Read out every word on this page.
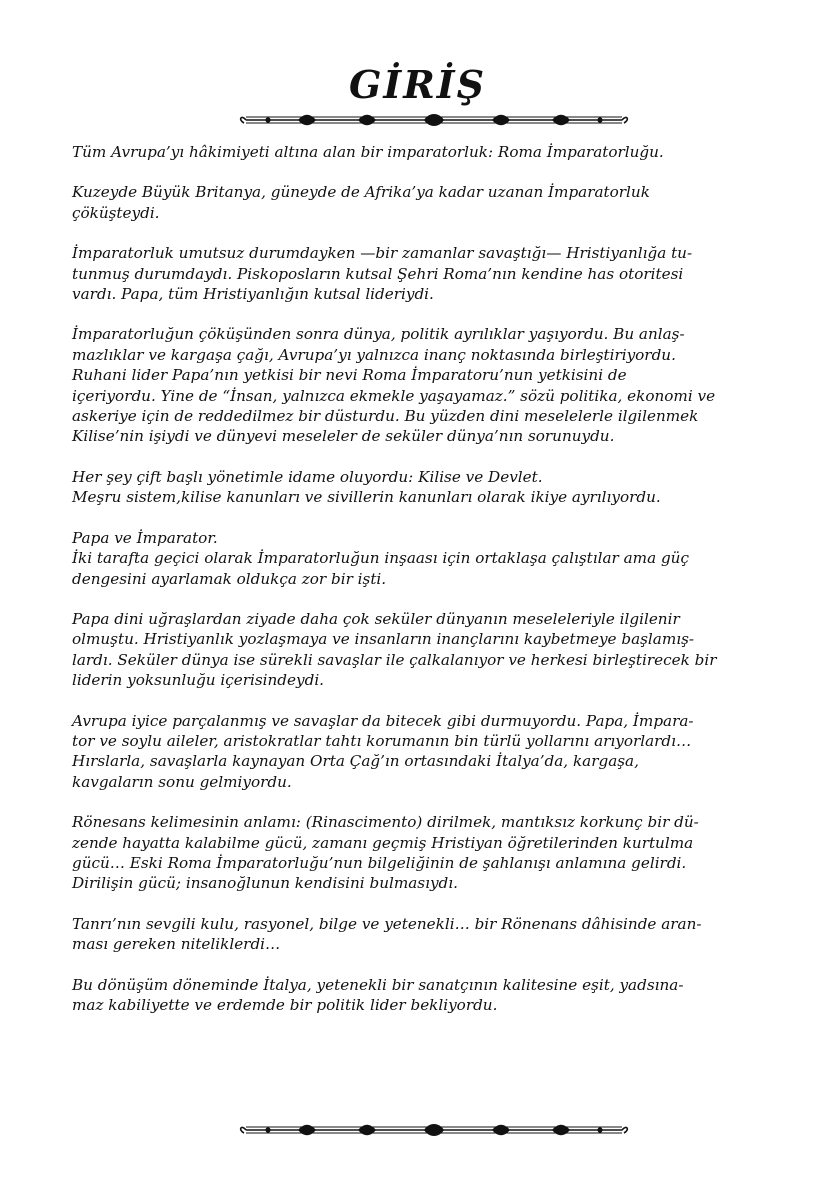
GİRİŞ

Tüm Avrupa’yı hâkimiyeti altına alan bir imparatorluk: Roma İmparatorluğu.

Kuzeyde Büyük Britanya, güneyde de Afrika’ya kadar uzanan İmparatorluk
çöküşteydi.

İmparatorluk umutsuz durumdayken —bir zamanlar savaştığı— Hristiyanlığa tu-
tunmuş durumdaydı. Piskoposların kutsal Şehri Roma’nın kendine has otoritesi
vardı. Papa, tüm Hristiyanlığın kutsal lideriydi.

İmparatorluğun çöküşünden sonra dünya, politik ayrılıklar yaşıyordu. Bu anlaş-
mazlıklar ve kargaşa çağı, Avrupa’yı yalnızca inanç noktasında birleştiriyordu.
Ruhani lider Papa’nın yetkisi bir nevi Roma İmparatoru’nun yetkisini de
içeriyordu. Yine de “İnsan, yalnızca ekmekle yaşayamaz.” sözü politika, ekonomi ve
askeriye için de reddedilmez bir düsturdu. Bu yüzden dini meselelerle ilgilenmek
Kilise’nin işiydi ve dünyevi meseleler de seküler dünya’nın sorunuydu.

Her şey çift başlı yönetimle idame oluyordu: Kilise ve Devlet.
Meşru sistem,kilise kanunları ve sivillerin kanunları olarak ikiye ayrılıyordu.

Papa ve İmparator.
İki tarafta geçici olarak İmparatorluğun inşaası için ortaklaşa çalıştılar ama güç
dengesini ayarlamak oldukça zor bir işti.

Papa dini uğraşlardan ziyade daha çok seküler dünyanın meseleleriyle ilgilenir
olmuştu. Hristiyanlık yozlaşmaya ve insanların inançlarını kaybetmeye başlamış-
lardı. Seküler dünya ise sürekli savaşlar ile çalkalanıyor ve herkesi birleştirecek bir
liderin yoksunluğu içerisindeydi.

Avrupa iyice parçalanmış ve savaşlar da bitecek gibi durmuyordu. Papa, İmpara-
tor ve soylu aileler, aristokratlar tahtı korumanın bin türlü yollarını arıyorlardı…
Hırslarla, savaşlarla kaynayan Orta Çağ’ın ortasındaki İtalya’da, kargaşa,
kavgaların sonu gelmiyordu.

Rönesans kelimesinin anlamı: (Rinascimento) dirilmek, mantıksız korkunç bir dü-
zende hayatta kalabilme gücü, zamanı geçmiş Hristiyan öğretilerinden kurtulma
gücü… Eski Roma İmparatorluğu’nun bilgeliğinin de şahlanışı anlamına gelirdi.
Dirilişin gücü; insanoğlunun kendisini bulmasıydı.

Tanrı’nın sevgili kulu, rasyonel, bilge ve yetenekli… bir Rönenans dâhisinde aran-
ması gereken niteliklerdi…

Bu dönüşüm döneminde İtalya, yetenekli bir sanatçının kalitesine eşit, yadsına-
maz kabiliyette ve erdemde bir politik lider bekliyordu.
